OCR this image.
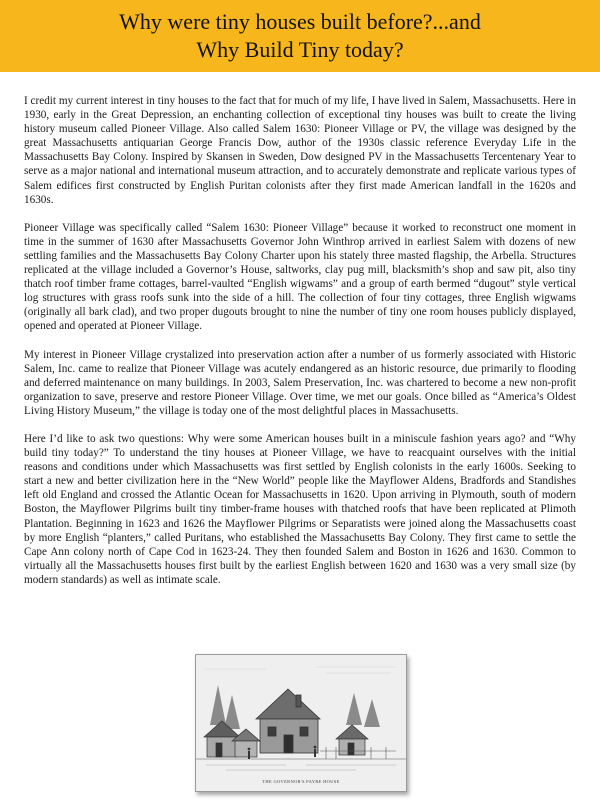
Why were tiny houses built before?...and
Why Build Tiny today?

I credit my current interest in tiny houses to the fact that for much of my life, I have lived in Salem, Massachusetts. Here in 1930, early in the Great Depression, an enchanting collection of exceptional tiny houses was built to create the living history museum called Pioneer Village. Also called Salem 1630: Pioneer Village or PV, the village was designed by the great Massachusetts antiquarian George Francis Dow, author of the 1930s classic reference Everyday Life in the Massachusetts Bay Colony. Inspired by Skansen in Sweden, Dow designed PV in the Massachusetts Tercentenary Year to serve as a major national and international museum attraction, and to accurately demonstrate and replicate various types of Salem edifices first constructed by English Puritan colonists after they first made American landfall in the 1620s and 1630s.

Pioneer Village was specifically called “Salem 1630: Pioneer Village” because it worked to reconstruct one moment in time in the summer of 1630 after Massachusetts Governor John Winthrop arrived in earliest Salem with dozens of new settling families and the Massachusetts Bay Colony Charter upon his stately three masted flagship, the Arbella. Structures replicated at the village included a Governor’s House, saltworks, clay pug mill, blacksmith’s shop and saw pit, also tiny thatch roof timber frame cottages, barrel-vaulted “English wigwams” and a group of earth bermed “dugout” style vertical log structures with grass roofs sunk into the side of a hill. The collection of four tiny cottages, three English wigwams (originally all bark clad), and two proper dugouts brought to nine the number of tiny one room houses publicly displayed, opened and operated at Pioneer Village.

My interest in Pioneer Village crystalized into preservation action after a number of us formerly associated with Historic Salem, Inc. came to realize that Pioneer Village was acutely endangered as an historic resource, due primarily to flooding and deferred maintenance on many buildings. In 2003, Salem Preservation, Inc. was chartered to become a new non-profit organization to save, preserve and restore Pioneer Village. Over time, we met our goals. Once billed as “America’s Oldest Living History Museum,” the village is today one of the most delightful places in Massachusetts.

Here I’d like to ask two questions: Why were some American houses built in a miniscule fashion years ago? and “Why build tiny today?” To understand the tiny houses at Pioneer Village, we have to reacquaint ourselves with the initial reasons and conditions under which Massachusetts was first settled by English colonists in the early 1600s. Seeking to start a new and better civilization here in the “New World” people like the Mayflower Aldens, Bradfords and Standishes left old England and crossed the Atlantic Ocean for Massachusetts in 1620. Upon arriving in Plymouth, south of modern Boston, the Mayflower Pilgrims built tiny timber-frame houses with thatched roofs that have been replicated at Plimoth Plantation. Beginning in 1623 and 1626 the Mayflower Pilgrims or Separatists were joined along the Massachusetts coast by more English “planters,” called Puritans, who established the Massachusetts Bay Colony. They first came to settle the Cape Ann colony north of Cape Cod in 1623-24. They then founded Salem and Boston in 1626 and 1630. Common to virtually all the Massachusetts houses first built by the earliest English between 1620 and 1630 was a very small size (by modern standards) as well as intimate scale.

THE GOVERNOR'S FAYRE HOUSE
